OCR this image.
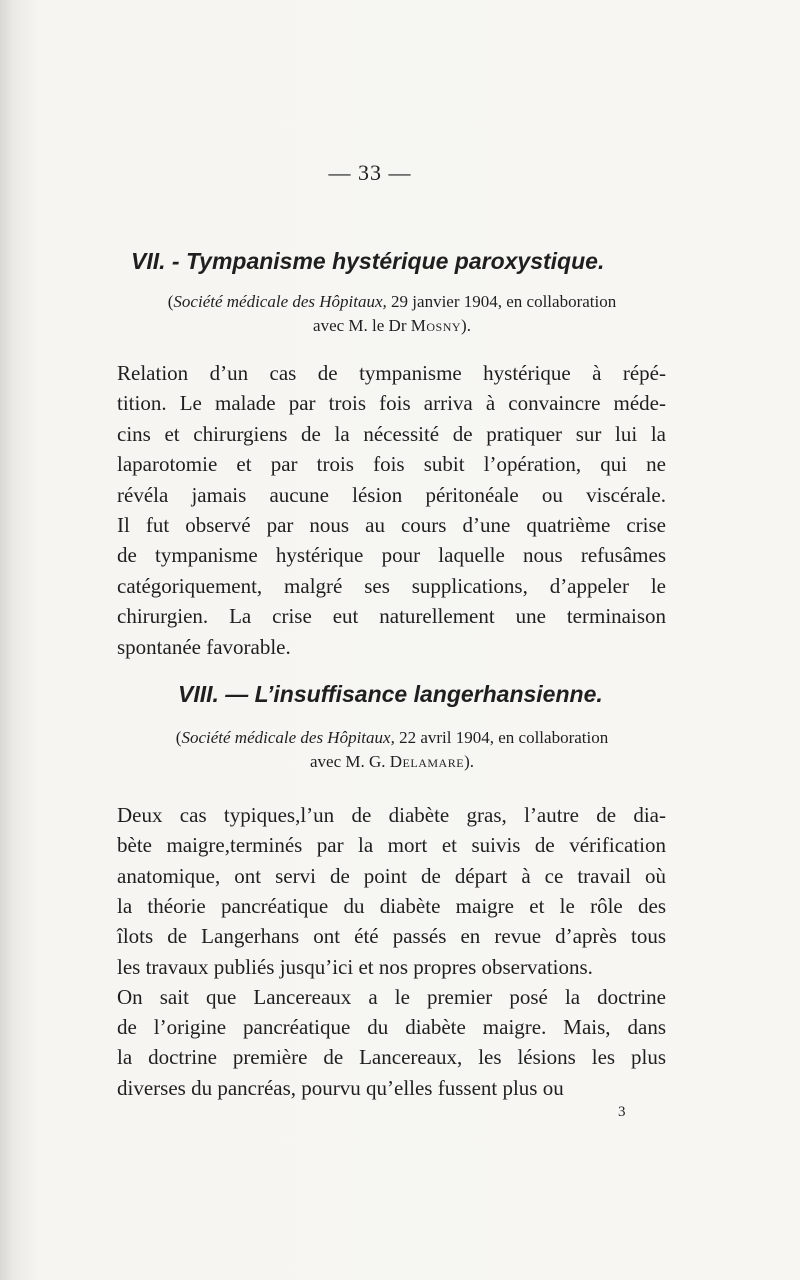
— 33 —
VII. - Tympanisme hystérique paroxystique.
(Société médicale des Hôpitaux, 29 janvier 1904, en collaboration
avec M. le Dr Mosny).
Relation d’un cas de tympanisme hystérique à répé-
tition. Le malade par trois fois arriva à convaincre méde-
cins et chirurgiens de la nécessité de pratiquer sur lui la
laparotomie et par trois fois subit l’opération, qui ne
révéla jamais aucune lésion péritonéale ou viscérale.
Il fut observé par nous au cours d’une quatrième crise
de tympanisme hystérique pour laquelle nous refusâmes
catégoriquement, malgré ses supplications, d’appeler le
chirurgien. La crise eut naturellement une terminaison
spontanée favorable.
VIII. — L’insuffisance langerhansienne.
(Société médicale des Hôpitaux, 22 avril 1904, en collaboration
avec M. G. Delamare).
Deux cas typiques,l’un de diabète gras, l’autre de dia-
bète maigre,terminés par la mort et suivis de vérification
anatomique, ont servi de point de départ à ce travail où
la théorie pancréatique du diabète maigre et le rôle des
îlots de Langerhans ont été passés en revue d’après tous
les travaux publiés jusqu’ici et nos propres observations.
On sait que Lancereaux a le premier posé la doctrine
de l’origine pancréatique du diabète maigre. Mais, dans
la doctrine première de Lancereaux, les lésions les plus
diverses du pancréas, pourvu qu’elles fussent plus ou
3
